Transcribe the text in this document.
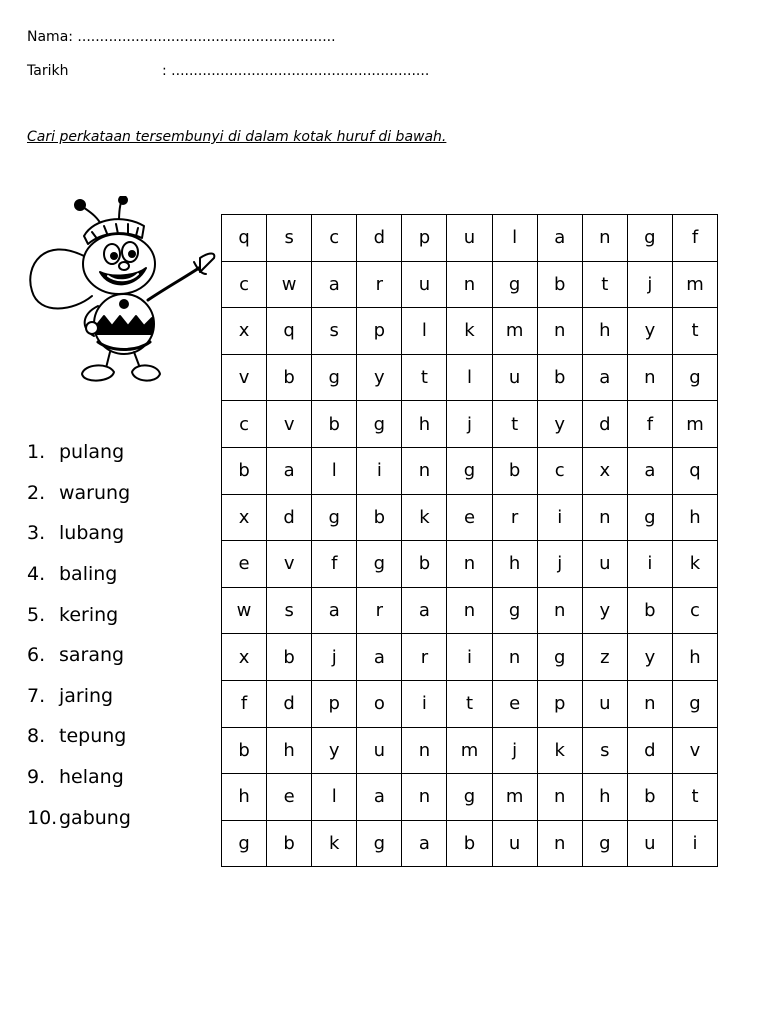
Nama: ..........................................................
Tarikh	: ..........................................................
Cari perkataan tersembunyi di dalam kotak huruf di bawah.
1. pulang
2. warung
3. lubang
4. baling
5. kering
6. sarang
7. jaring
8. tepung
9. helang
10. gabung
q	s	c	d	p	u	l	a	n	g	f
c	w	a	r	u	n	g	b	t	j	m
x	q	s	p	l	k	m	n	h	y	t
v	b	g	y	t	l	u	b	a	n	g
c	v	b	g	h	j	t	y	d	f	m
b	a	l	i	n	g	b	c	x	a	q
x	d	g	b	k	e	r	i	n	g	h
e	v	f	g	b	n	h	j	u	i	k
w	s	a	r	a	n	g	n	y	b	c
x	b	j	a	r	i	n	g	z	y	h
f	d	p	o	i	t	e	p	u	n	g
b	h	y	u	n	m	j	k	s	d	v
h	e	l	a	n	g	m	n	h	b	t
g	b	k	g	a	b	u	n	g	u	i
